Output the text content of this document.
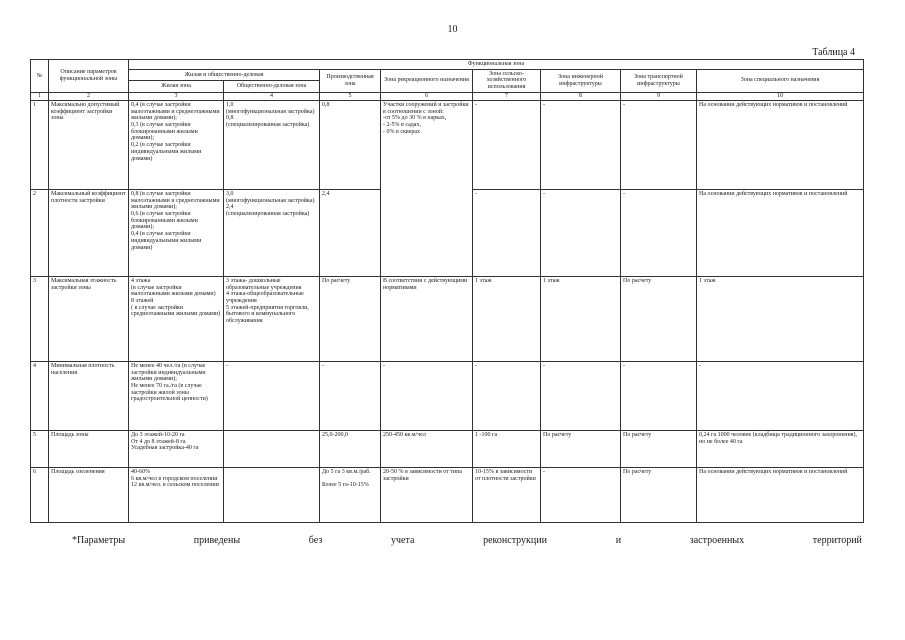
10
Таблица 4
№	Описание параметров функциональной зоны	Функциональная зона							
		Жилая и общественно-деловая		Производственная зона	Зона рекреационного назначения	Зона сельско-хозяйственного использования	Зона инженерной инфраструктуры	Зона транспортной инфраструктуры	Зона специального назначения
		Жилая зона	Общественно-деловая зона						
1	2	3	4	5	6	7	8	9	10
1	Максимально допустимый коэффициент застройки зоны	0,4 (в случае застройки малоэтажными и среднеэтажными жилыми домами);
0,3 (в случае застройки блокированными жилыми домами);
0,2 (в случае застройки индивидуальными жилыми домами)	1,0
(многофункциональная застройка)
0,8
(специализированная застройка)	0,8	Участки сооружений и застройки в соотношении с зоной:
-от 5% до 30 % в парках,
- 2-5% в садах,
- 0% в скверах	-	-	-	На основании действующих нормативов и постановлений
2	Максимальный коэффициент плотности застройки	0,8 (в случае застройки малоэтажными и среднеэтажными жилыми домами);
0,6 (в случае застройки блокированными жилыми домами);
0,4 (в случае застройки индивидуальными жилыми домами)	3,0
(многофункциональная застройка)
2,4
(специализированная застройка)	2,4		-	-	-	На основании действующих нормативов и постановлений
3	Максимальная этажность застройки зоны	4 этажа
(в случае застройки малоэтажными жилыми домами)
8 этажей
( в случае застройки среднеэтажными жилыми домами)	3 этажа- дошкольные образовательные учреждения
4 этажа-общеобразовательные учреждения
5 этажей-предприятия торговли, бытового и коммунального обслуживания	По расчету	В соответствии с действующими нормативами	1 этаж	1 этаж	По расчету	1 этаж
4	Минимальная плотность населения	Не менее 40 чел./га (в случае застройки индивидуальными жилыми домами);
Не менее 70 га./га (в случае застройки жилой зоны градостроительной ценности)	-	-	-	-	-	-	-
5	Площадь зоны	До 3 этажей-10-20 га
От 4 до 8 этажей-8 га
Усадебная застройка-40 га		25,0-200,0	250-450 кв.м/чел	1 -100 га	По расчету	По расчету	0,24 га 1000 человек (кладбища традиционного захоронения), но не более 40 га
6	Площадь озеленения	40-60%
6 кв.м/чел в городском поселении
12 кв.м/чел. в сельском поселении		До 5 га 3 кв.м./раб.

Более 5 га-10-15%	20-50 % в зависимости от типа застройки	10-15% в зависимости от плотности застройки	-	По расчету	На основании действующих нормативов и постановлений
*Параметры	приведены	без	учета	реконструкции	и	застроенных	территорий
